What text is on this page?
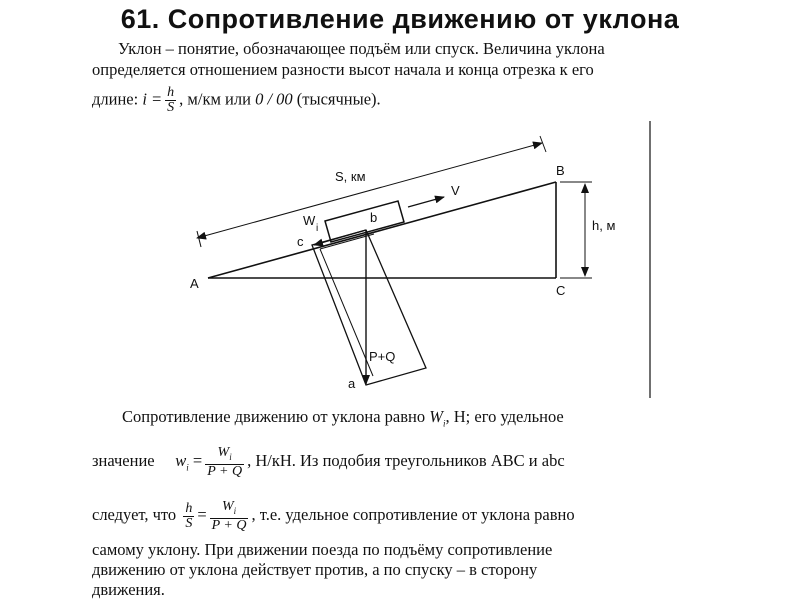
61. Сопротивление движению от уклона
Уклон – понятие, обозначающее подъём или спуск. Величина уклона
определяется отношением разности высот начала и конца отрезка к его
длине: $i = \frac{h}{S}$ , м/км или 0 / 00 (тысячные).
A
B
C
S, км
h, м
V
W
i
b
c
P+Q
a
Сопротивление движению от уклона равно $W_i$, Н; его удельное
значение $w_i = \frac{W_i}{P + Q}$ , Н/кН. Из подобия треугольников ABC и abc
следует, что $\frac{h}{S} = \frac{W_i}{P + Q}$ , т.е. удельное сопротивление от уклона равно
самому уклону. При движении поезда по подъёму сопротивление
движению от уклона действует против, а по спуску – в сторону
движения.
